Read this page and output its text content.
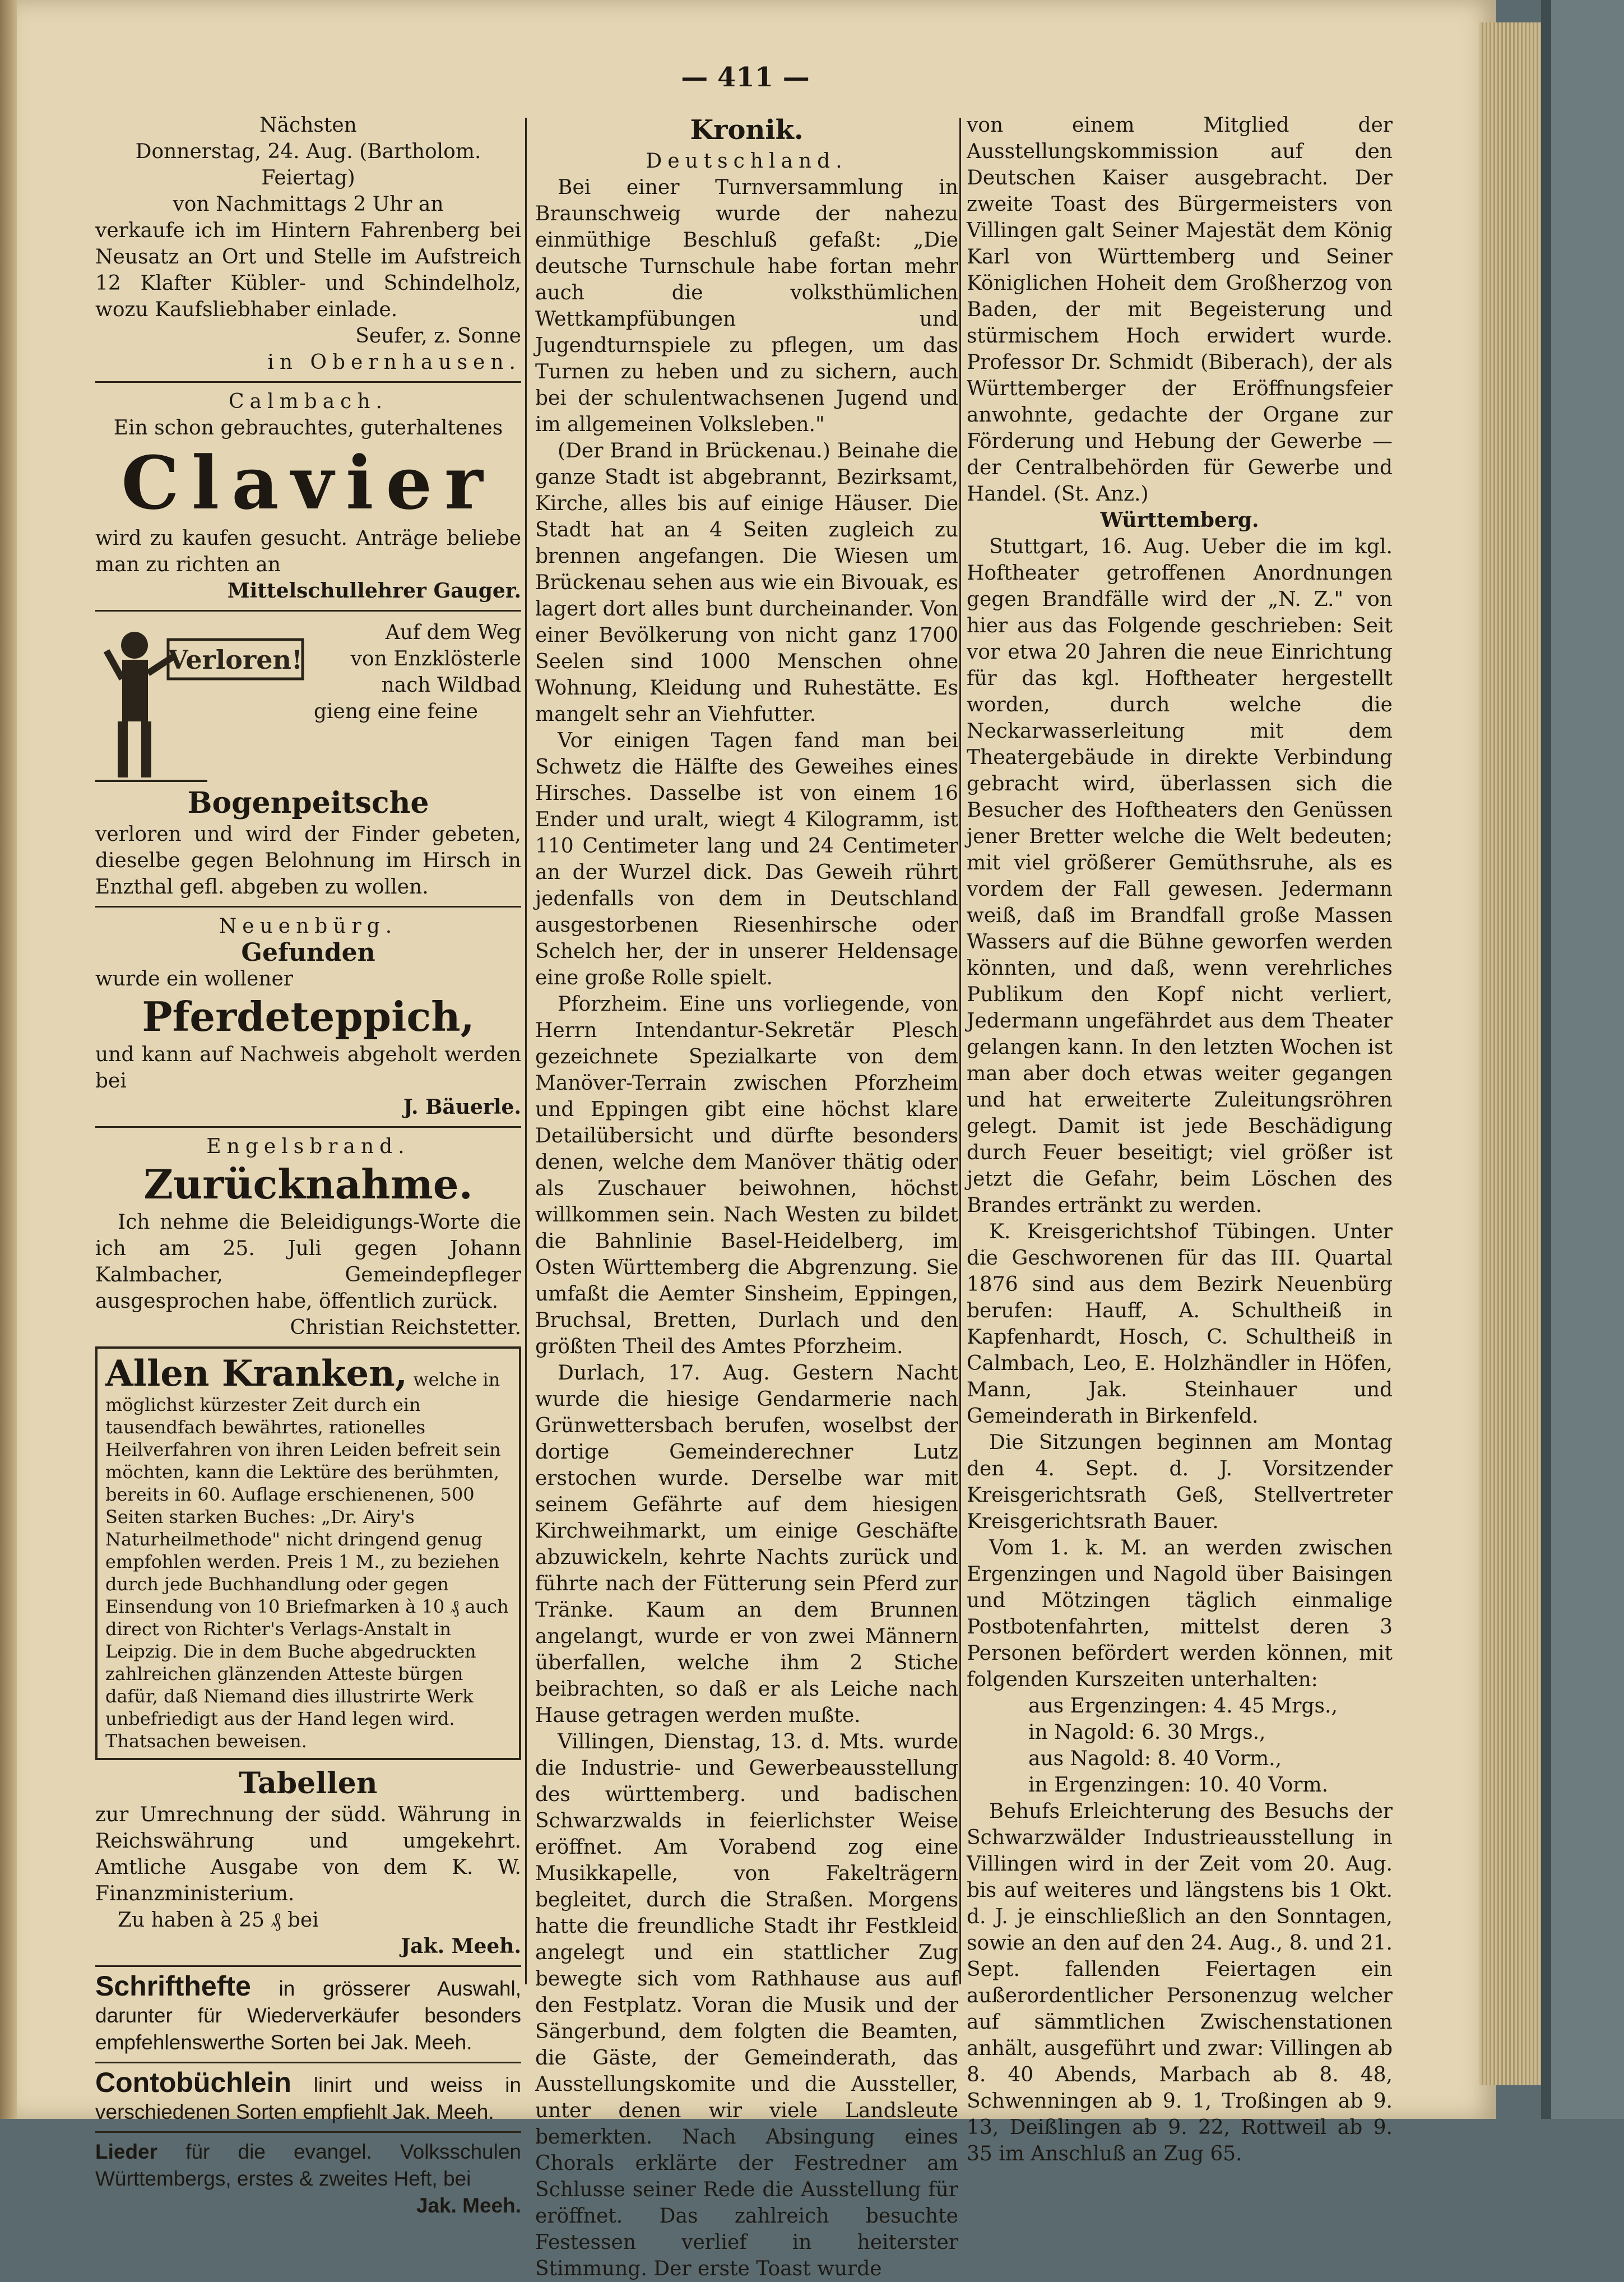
— 411 —

Nächsten

Donnerstag, 24. Aug. (Bartholom. Feiertag)

von Nachmittags 2 Uhr an

verkaufe ich im Hintern Fahrenberg bei Neusatz an Ort und Stelle im Aufstreich 12 Klafter Kübler- und Schindelholz, wozu Kaufsliebhaber einlade.

Seufer, z. Sonne

in Obernhausen.

Calmbach.

Ein schon gebrauchtes, guterhaltenes

Clavier

wird zu kaufen gesucht. Anträge beliebe man zu richten an

Mittelschullehrer Gauger.

Verloren!

Auf dem Weg

von Enzklösterle

nach Wildbad

gieng eine feine

Bogenpeitsche

verloren und wird der Finder gebeten, dieselbe gegen Belohnung im Hirsch in Enzthal gefl. abgeben zu wollen.

Neuenbürg.

Gefunden

wurde ein wollener

Pferdeteppich,

und kann auf Nachweis abgeholt werden bei

J. Bäuerle.

Engelsbrand.

Zurücknahme.

Ich nehme die Beleidigungs-Worte die ich am 25. Juli gegen Johann Kalmbacher, Gemeindepfleger ausgesprochen habe, öffentlich zurück.

Christian Reichstetter.

Allen Kranken, welche in möglichst kürzester Zeit durch ein tausendfach bewährtes, rationelles Heilverfahren von ihren Leiden befreit sein möchten, kann die Lektüre des berühmten, bereits in 60. Auflage erschienenen, 500 Seiten starken Buches: „Dr. Airy's Naturheilmethode" nicht dringend genug empfohlen werden. Preis 1 M., zu beziehen durch jede Buchhandlung oder gegen Einsendung von 10 Briefmarken à 10 ₰ auch direct von Richter's Verlags-Anstalt in Leipzig. Die in dem Buche abgedruckten zahlreichen glänzenden Atteste bürgen dafür, daß Niemand dies illustrirte Werk unbefriedigt aus der Hand legen wird. Thatsachen beweisen.
Tabellen

zur Umrechnung der südd. Währung in Reichswährung und umgekehrt. Amtliche Ausgabe von dem K. W. Finanzministerium.

Zu haben à 25 ₰ bei

Jak. Meeh.

Schrifthefte in grösserer Auswahl, darunter für Wiederverkäufer besonders empfehlenswerthe Sorten bei Jak. Meeh.

Contobüchlein linirt und weiss in verschiedenen Sorten empfiehlt Jak. Meeh.

Lieder für die evangel. Volksschulen Württembergs, erstes & zweites Heft, bei

Jak. Meeh.

Kronik.

Deutschland.

Bei einer Turnversammlung in Braunschweig wurde der nahezu einmüthige Beschluß gefaßt: „Die deutsche Turnschule habe fortan mehr auch die volksthümlichen Wettkampfübungen und Jugendturnspiele zu pflegen, um das Turnen zu heben und zu sichern, auch bei der schulentwachsenen Jugend und im allgemeinen Volksleben."

(Der Brand in Brückenau.) Beinahe die ganze Stadt ist abgebrannt, Bezirksamt, Kirche, alles bis auf einige Häuser. Die Stadt hat an 4 Seiten zugleich zu brennen angefangen. Die Wiesen um Brückenau sehen aus wie ein Bivouak, es lagert dort alles bunt durcheinander. Von einer Bevölkerung von nicht ganz 1700 Seelen sind 1000 Menschen ohne Wohnung, Kleidung und Ruhestätte. Es mangelt sehr an Viehfutter.

Vor einigen Tagen fand man bei Schwetz die Hälfte des Geweihes eines Hirsches. Dasselbe ist von einem 16 Ender und uralt, wiegt 4 Kilogramm, ist 110 Centimeter lang und 24 Centimeter an der Wurzel dick. Das Geweih rührt jedenfalls von dem in Deutschland ausgestorbenen Riesenhirsche oder Schelch her, der in unserer Heldensage eine große Rolle spielt.

Pforzheim. Eine uns vorliegende, von Herrn Intendantur-Sekretär Plesch gezeichnete Spezialkarte von dem Manöver-Terrain zwischen Pforzheim und Eppingen gibt eine höchst klare Detailübersicht und dürfte besonders denen, welche dem Manöver thätig oder als Zuschauer beiwohnen, höchst willkommen sein. Nach Westen zu bildet die Bahnlinie Basel-Heidelberg, im Osten Württemberg die Abgrenzung. Sie umfaßt die Aemter Sinsheim, Eppingen, Bruchsal, Bretten, Durlach und den größten Theil des Amtes Pforzheim.

Durlach, 17. Aug. Gestern Nacht wurde die hiesige Gendarmerie nach Grünwettersbach berufen, woselbst der dortige Gemeinderechner Lutz erstochen wurde. Derselbe war mit seinem Gefährte auf dem hiesigen Kirchweihmarkt, um einige Geschäfte abzuwickeln, kehrte Nachts zurück und führte nach der Fütterung sein Pferd zur Tränke. Kaum an dem Brunnen angelangt, wurde er von zwei Männern überfallen, welche ihm 2 Stiche beibrachten, so daß er als Leiche nach Hause getragen werden mußte.

Villingen, Dienstag, 13. d. Mts. wurde die Industrie- und Gewerbeausstellung des württemberg. und badischen Schwarzwalds in feierlichster Weise eröffnet. Am Vorabend zog eine Musikkapelle, von Fakelträgern begleitet, durch die Straßen. Morgens hatte die freundliche Stadt ihr Festkleid angelegt und ein stattlicher Zug bewegte sich vom Rathhause aus auf den Festplatz. Voran die Musik und der Sängerbund, dem folgten die Beamten, die Gäste, der Gemeinderath, das Ausstellungskomite und die Aussteller, unter denen wir viele Landsleute bemerkten. Nach Absingung eines Chorals erklärte der Festredner am Schlusse seiner Rede die Ausstellung für eröffnet. Das zahlreich besuchte Festessen verlief in heiterster Stimmung. Der erste Toast wurde

von einem Mitglied der Ausstellungskommission auf den Deutschen Kaiser ausgebracht. Der zweite Toast des Bürgermeisters von Villingen galt Seiner Majestät dem König Karl von Württemberg und Seiner Königlichen Hoheit dem Großherzog von Baden, der mit Begeisterung und stürmischem Hoch erwidert wurde. Professor Dr. Schmidt (Biberach), der als Württemberger der Eröffnungsfeier anwohnte, gedachte der Organe zur Förderung und Hebung der Gewerbe — der Centralbehörden für Gewerbe und Handel. (St. Anz.)

Württemberg.

Stuttgart, 16. Aug. Ueber die im kgl. Hoftheater getroffenen Anordnungen gegen Brandfälle wird der „N. Z." von hier aus das Folgende geschrieben: Seit vor etwa 20 Jahren die neue Einrichtung für das kgl. Hoftheater hergestellt worden, durch welche die Neckarwasserleitung mit dem Theatergebäude in direkte Verbindung gebracht wird, überlassen sich die Besucher des Hoftheaters den Genüssen jener Bretter welche die Welt bedeuten; mit viel größerer Gemüthsruhe, als es vordem der Fall gewesen. Jedermann weiß, daß im Brandfall große Massen Wassers auf die Bühne geworfen werden könnten, und daß, wenn verehrliches Publikum den Kopf nicht verliert, Jedermann ungefährdet aus dem Theater gelangen kann. In den letzten Wochen ist man aber doch etwas weiter gegangen und hat erweiterte Zuleitungsröhren gelegt. Damit ist jede Beschädigung durch Feuer beseitigt; viel größer ist jetzt die Gefahr, beim Löschen des Brandes ertränkt zu werden.

K. Kreisgerichtshof Tübingen. Unter die Geschworenen für das III. Quartal 1876 sind aus dem Bezirk Neuenbürg berufen: Hauff, A. Schultheiß in Kapfenhardt, Hosch, C. Schultheiß in Calmbach, Leo, E. Holzhändler in Höfen, Mann, Jak. Steinhauer und Gemeinderath in Birkenfeld.

Die Sitzungen beginnen am Montag den 4. Sept. d. J. Vorsitzender Kreisgerichtsrath Geß, Stellvertreter Kreisgerichtsrath Bauer.

Vom 1. k. M. an werden zwischen Ergenzingen und Nagold über Baisingen und Mötzingen täglich einmalige Postbotenfahrten, mittelst deren 3 Personen befördert werden können, mit folgenden Kurszeiten unterhalten:

aus Ergenzingen: 4. 45 Mrgs.,

in Nagold: 6. 30 Mrgs.,

aus Nagold: 8. 40 Vorm.,

in Ergenzingen: 10. 40 Vorm.

Behufs Erleichterung des Besuchs der Schwarzwälder Industrieausstellung in Villingen wird in der Zeit vom 20. Aug. bis auf weiteres und längstens bis 1 Okt. d. J. je einschließlich an den Sonntagen, sowie an den auf den 24. Aug., 8. und 21. Sept. fallenden Feiertagen ein außerordentlicher Personenzug welcher auf sämmtlichen Zwischenstationen anhält, ausgeführt und zwar: Villingen ab 8. 40 Abends, Marbach ab 8. 48, Schwenningen ab 9. 1, Troßingen ab 9. 13, Deißlingen ab 9. 22, Rottweil ab 9. 35 im Anschluß an Zug 65.
